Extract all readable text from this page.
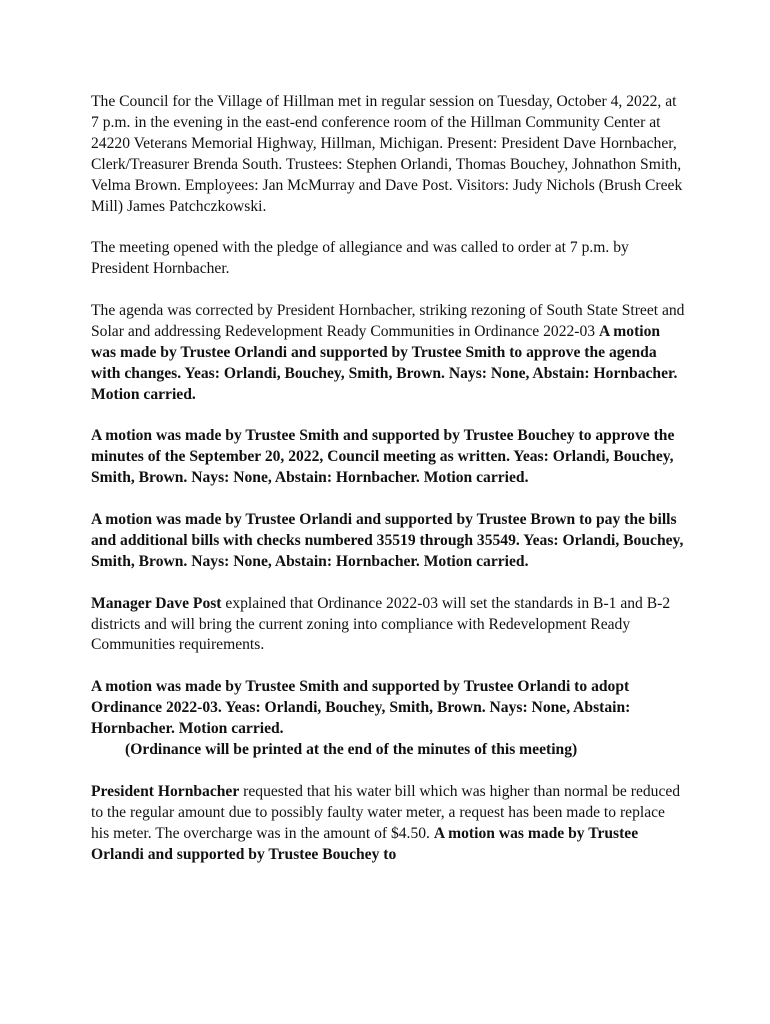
The Council for the Village of Hillman met in regular session on Tuesday, October 4, 2022, at 7 p.m. in the evening in the east-end conference room of the Hillman Community Center at 24220 Veterans Memorial Highway, Hillman, Michigan. Present: President Dave Hornbacher, Clerk/Treasurer Brenda South. Trustees: Stephen Orlandi, Thomas Bouchey, Johnathon Smith, Velma Brown. Employees: Jan McMurray and Dave Post. Visitors: Judy Nichols (Brush Creek Mill) James Patchczkowski.

The meeting opened with the pledge of allegiance and was called to order at 7 p.m. by President Hornbacher.

The agenda was corrected by President Hornbacher, striking rezoning of South State Street and Solar and addressing Redevelopment Ready Communities in Ordinance 2022-03 A motion was made by Trustee Orlandi and supported by Trustee Smith to approve the agenda with changes. Yeas: Orlandi, Bouchey, Smith, Brown. Nays: None, Abstain: Hornbacher. Motion carried.

A motion was made by Trustee Smith and supported by Trustee Bouchey to approve the minutes of the September 20, 2022, Council meeting as written. Yeas: Orlandi, Bouchey, Smith, Brown. Nays: None, Abstain: Hornbacher. Motion carried.

A motion was made by Trustee Orlandi and supported by Trustee Brown to pay the bills and additional bills with checks numbered 35519 through 35549. Yeas: Orlandi, Bouchey, Smith, Brown. Nays: None, Abstain: Hornbacher. Motion carried.

Manager Dave Post explained that Ordinance 2022-03 will set the standards in B-1 and B-2 districts and will bring the current zoning into compliance with Redevelopment Ready Communities requirements.

A motion was made by Trustee Smith and supported by Trustee Orlandi to adopt Ordinance 2022-03. Yeas: Orlandi, Bouchey, Smith, Brown. Nays: None, Abstain: Hornbacher. Motion carried.
(Ordinance will be printed at the end of the minutes of this meeting)

President Hornbacher requested that his water bill which was higher than normal be reduced to the regular amount due to possibly faulty water meter, a request has been made to replace his meter. The overcharge was in the amount of $4.50. A motion was made by Trustee Orlandi and supported by Trustee Bouchey to
